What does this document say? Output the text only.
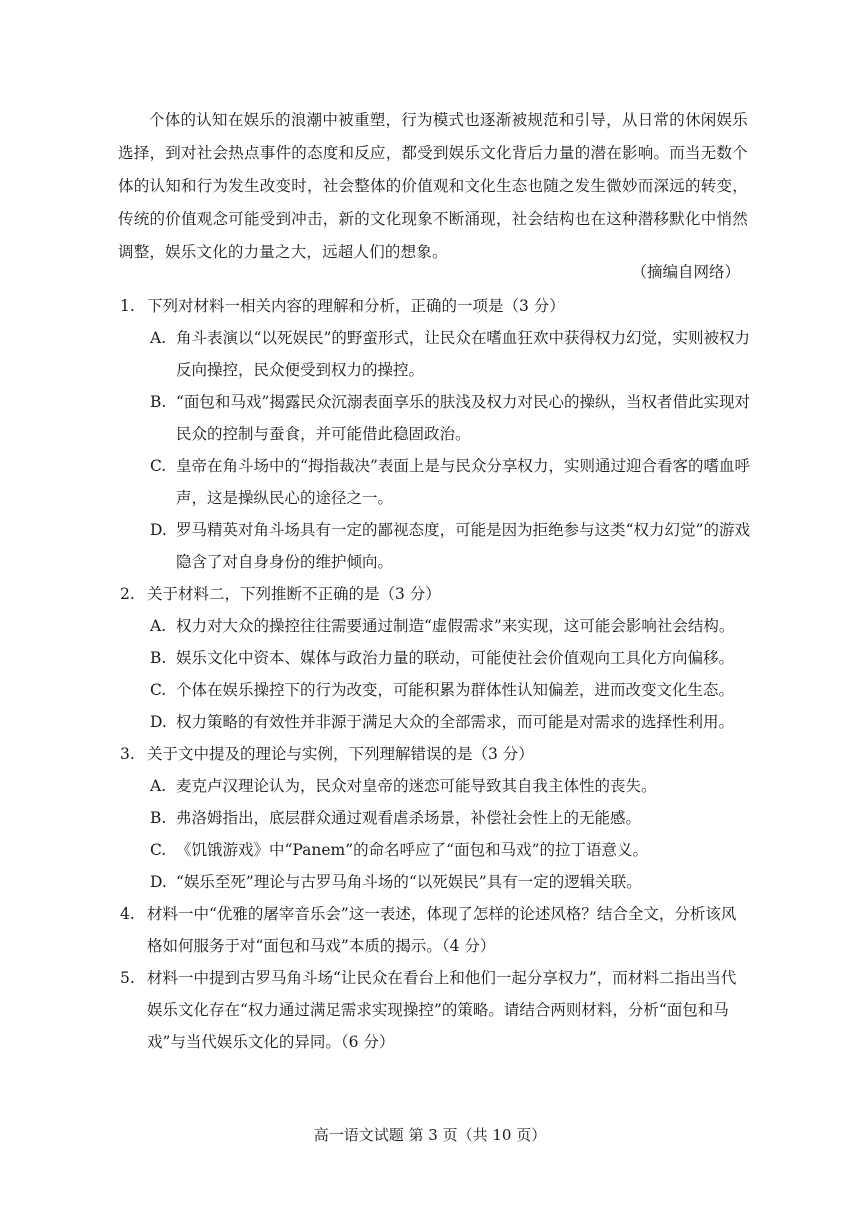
个体的认知在娱乐的浪潮中被重塑，行为模式也逐渐被规范和引导，从日常的休闲娱乐选择，到对社会热点事件的态度和反应，都受到娱乐文化背后力量的潜在影响。而当无数个体的认知和行为发生改变时，社会整体的价值观和文化生态也随之发生微妙而深远的转变，传统的价值观念可能受到冲击，新的文化现象不断涌现，社会结构也在这种潜移默化中悄然调整，娱乐文化的力量之大，远超人们的想象。

（摘编自网络）
1. 下列对材料一相关内容的理解和分析，正确的一项是（3 分）
A. 角斗表演以“以死娱民”的野蛮形式，让民众在嗜血狂欢中获得权力幻觉，实则被权力反向操控，民众便受到权力的操控。
B. “面包和马戏”揭露民众沉溺表面享乐的肤浅及权力对民心的操纵，当权者借此实现对民众的控制与蚕食，并可能借此稳固政治。
C. 皇帝在角斗场中的“拇指裁决”表面上是与民众分享权力，实则通过迎合看客的嗜血呼声，这是操纵民心的途径之一。
D. 罗马精英对角斗场具有一定的鄙视态度，可能是因为拒绝参与这类“权力幻觉”的游戏隐含了对自身身份的维护倾向。
2. 关于材料二，下列推断不正确的是（3 分）
A. 权力对大众的操控往往需要通过制造“虚假需求”来实现，这可能会影响社会结构。
B. 娱乐文化中资本、媒体与政治力量的联动，可能使社会价值观向工具化方向偏移。
C. 个体在娱乐操控下的行为改变，可能积累为群体性认知偏差，进而改变文化生态。
D. 权力策略的有效性并非源于满足大众的全部需求，而可能是对需求的选择性利用。
3. 关于文中提及的理论与实例，下列理解错误的是（3 分）
A. 麦克卢汉理论认为，民众对皇帝的迷恋可能导致其自我主体性的丧失。
B. 弗洛姆指出，底层群众通过观看虐杀场景，补偿社会性上的无能感。
C. 《饥饿游戏》中“Panem”的命名呼应了“面包和马戏”的拉丁语意义。
D. “娱乐至死”理论与古罗马角斗场的“以死娱民”具有一定的逻辑关联。
4. 材料一中“优雅的屠宰音乐会”这一表述，体现了怎样的论述风格？结合全文，分析该风格如何服务于对“面包和马戏”本质的揭示。（4 分）
5. 材料一中提到古罗马角斗场“让民众在看台上和他们一起分享权力”，而材料二指出当代娱乐文化存在“权力通过满足需求实现操控”的策略。请结合两则材料，分析“面包和马戏”与当代娱乐文化的异同。（6 分）
高一语文试题 第 3 页（共 10 页）
